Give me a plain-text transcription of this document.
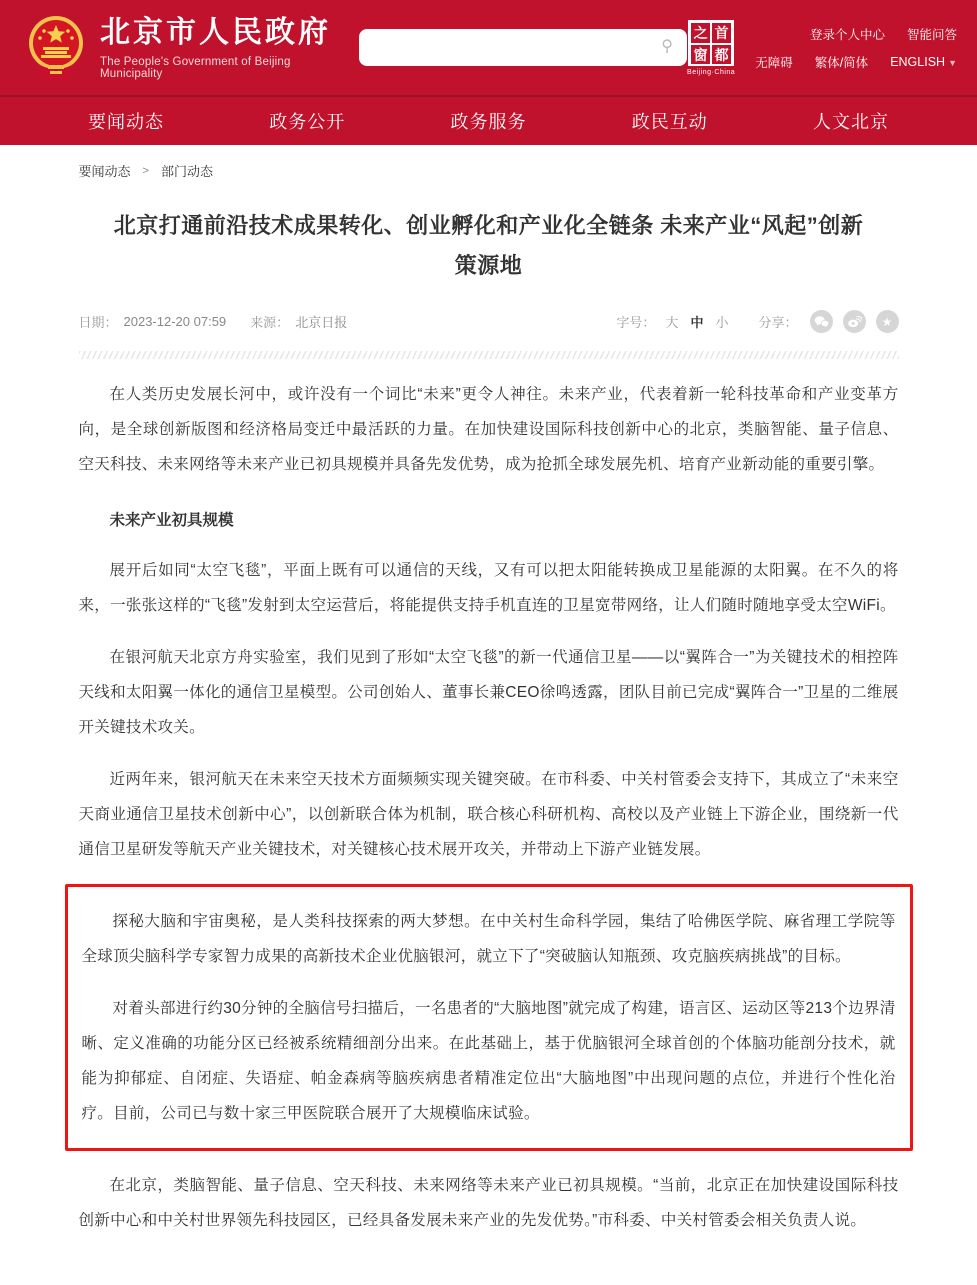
北京市人民政府
The People's Government of Beijing Municipality
⚲
之 首
窗 都
Beijing·China
登录个人中心 智能问答
无障碍 繁体/简体 ENGLISH ▼
要闻动态	政务公开	政务服务	政民互动	人文北京
要闻动态 > 部门动态
北京打通前沿技术成果转化、创业孵化和产业化全链条 未来产业“风起”创新策源地
日期： 2023-12-20 07:59 来源： 北京日报	字号： 大 中 小 分享：	★

在人类历史发展长河中，或许没有一个词比“未来”更令人神往。未来产业，代表着新一轮科技革命和产业变革方向，是全球创新版图和经济格局变迁中最活跃的力量。在加快建设国际科技创新中心的北京，类脑智能、量子信息、空天科技、未来网络等未来产业已初具规模并具备先发优势，成为抢抓全球发展先机、培育产业新动能的重要引擎。

未来产业初具规模

展开后如同“太空飞毯”，平面上既有可以通信的天线，又有可以把太阳能转换成卫星能源的太阳翼。在不久的将来，一张张这样的“飞毯”发射到太空运营后，将能提供支持手机直连的卫星宽带网络，让人们随时随地享受太空WiFi。

在银河航天北京方舟实验室，我们见到了形如“太空飞毯”的新一代通信卫星——以“翼阵合一”为关键技术的相控阵天线和太阳翼一体化的通信卫星模型。公司创始人、董事长兼CEO徐鸣透露，团队目前已完成“翼阵合一”卫星的二维展开关键技术攻关。

近两年来，银河航天在未来空天技术方面频频实现关键突破。在市科委、中关村管委会支持下，其成立了“未来空天商业通信卫星技术创新中心”，以创新联合体为机制，联合核心科研机构、高校以及产业链上下游企业，围绕新一代通信卫星研发等航天产业关键技术，对关键核心技术展开攻关，并带动上下游产业链发展。

探秘大脑和宇宙奥秘，是人类科技探索的两大梦想。在中关村生命科学园，集结了哈佛医学院、麻省理工学院等全球顶尖脑科学专家智力成果的高新技术企业优脑银河，就立下了“突破脑认知瓶颈、攻克脑疾病挑战”的目标。

对着头部进行约30分钟的全脑信号扫描后，一名患者的“大脑地图”就完成了构建，语言区、运动区等213个边界清晰、定义准确的功能分区已经被系统精细剖分出来。在此基础上，基于优脑银河全球首创的个体脑功能剖分技术，就能为抑郁症、自闭症、失语症、帕金森病等脑疾病患者精准定位出“大脑地图”中出现问题的点位，并进行个性化治疗。目前，公司已与数十家三甲医院联合展开了大规模临床试验。

在北京，类脑智能、量子信息、空天科技、未来网络等未来产业已初具规模。“当前，北京正在加快建设国际科技创新中心和中关村世界领先科技园区，已经具备发展未来产业的先发优势。”市科委、中关村管委会相关负责人说。
